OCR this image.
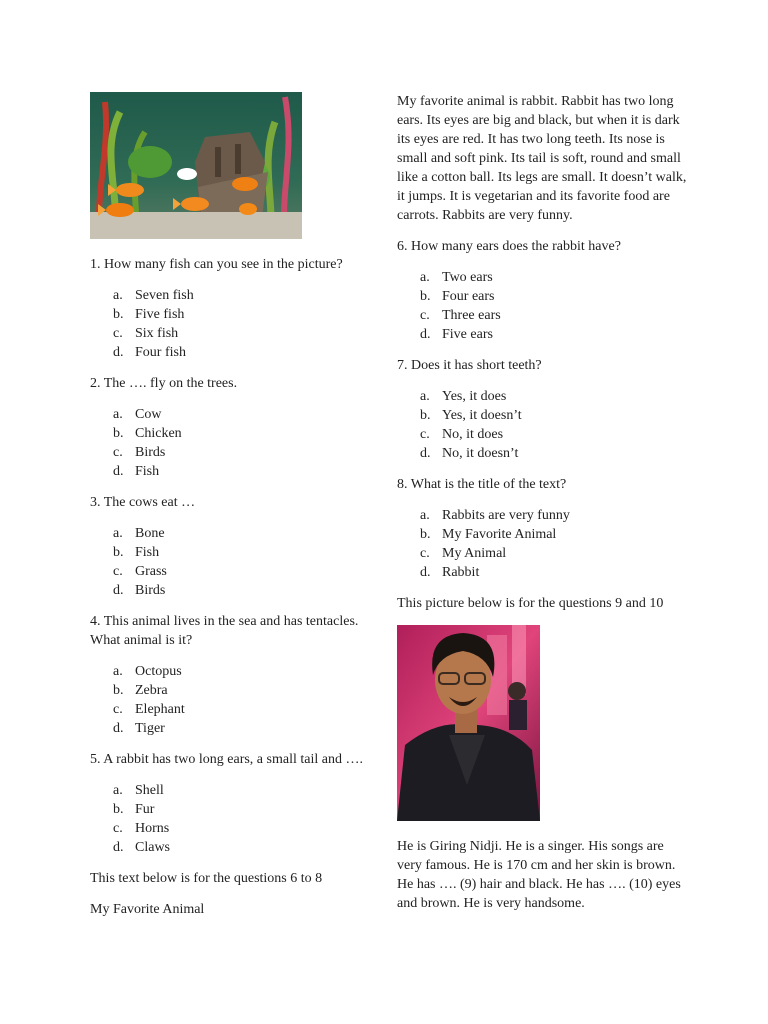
1. How many fish can you see in the picture?

a. Seven fish
b. Five fish
c. Six fish
d. Four fish

2. The …. fly on the trees.

a. Cow
b. Chicken
c. Birds
d. Fish

3. The cows eat …

a. Bone
b. Fish
c. Grass
d. Birds

4. This animal lives in the sea and has tentacles. What animal is it?

a. Octopus
b. Zebra
c. Elephant
d. Tiger

5. A rabbit has two long ears, a small tail and ….

a. Shell
b. Fur
c. Horns
d. Claws

This text below is for the questions 6 to 8

My Favorite Animal

My favorite animal is rabbit. Rabbit has two long ears. Its eyes are big and black, but when it is dark its eyes are red. It has two long teeth. Its nose is small and soft pink. Its tail is soft, round and small like a cotton ball. Its legs are small. It doesn’t walk, it jumps. It is vegetarian and its favorite food are carrots. Rabbits are very funny.

6. How many ears does the rabbit have?

a. Two ears
b. Four ears
c. Three ears
d. Five ears

7. Does it has short teeth?

a. Yes, it does
b. Yes, it doesn’t
c. No, it does
d. No, it doesn’t

8. What is the title of the text?

a. Rabbits are very funny
b. My Favorite Animal
c. My Animal
d. Rabbit

This picture below is for the questions 9 and 10

He is Giring Nidji. He is a singer. His songs are very famous. He is 170 cm and her skin is brown. He has …. (9) hair and black. He has …. (10) eyes and brown. He is very handsome.
